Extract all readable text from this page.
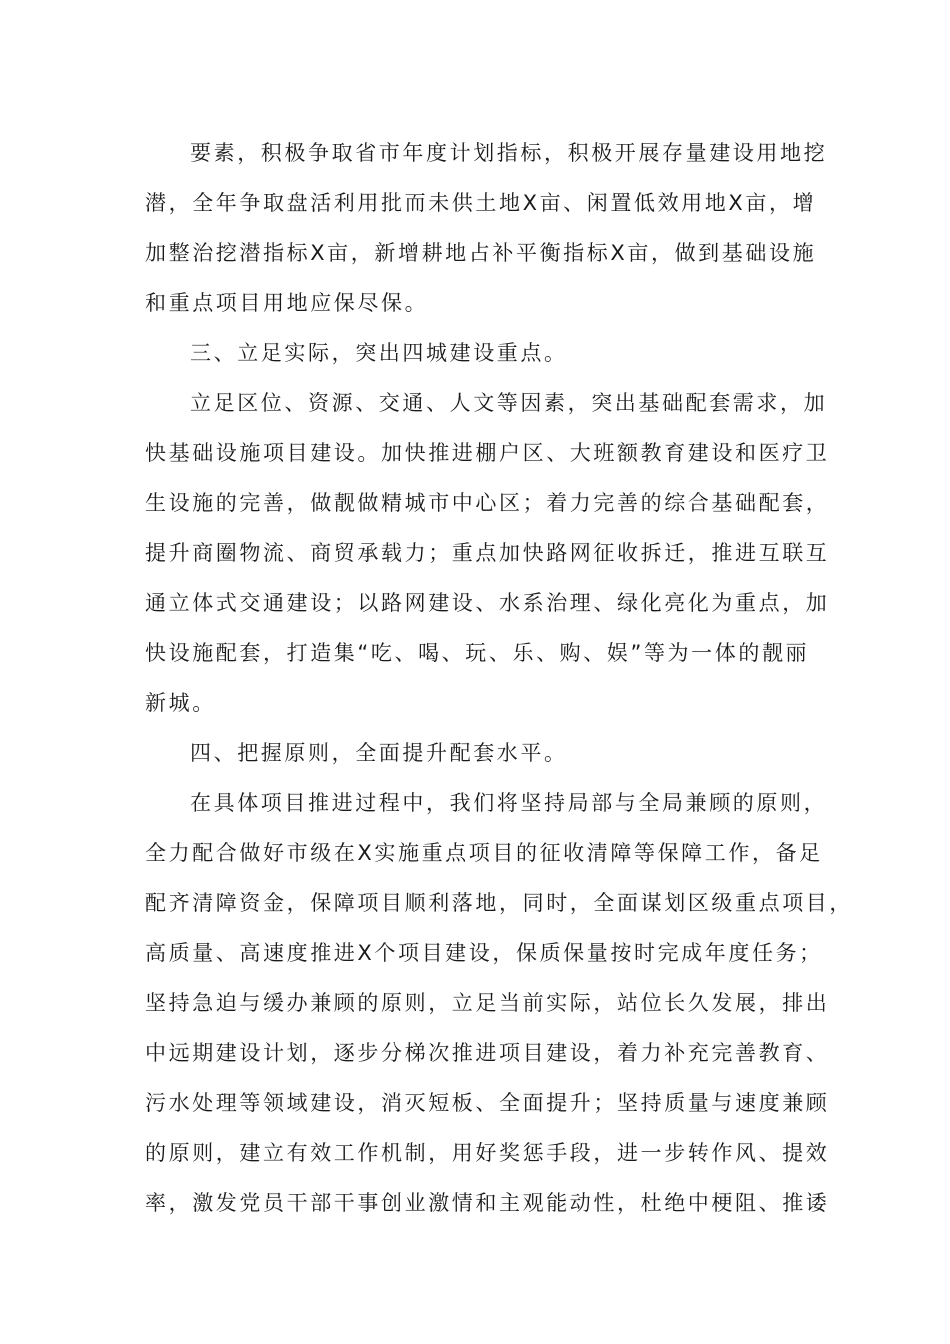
要素，积极争取省市年度计划指标，积极开展存量建设用地挖
潜，全年争取盘活利用批而未供土地X亩、闲置低效用地X亩，增
加整治挖潜指标X亩，新增耕地占补平衡指标X亩，做到基础设施
和重点项目用地应保尽保。
三、立足实际，突出四城建设重点。
立足区位、资源、交通、人文等因素，突出基础配套需求，加
快基础设施项目建设。加快推进棚户区、大班额教育建设和医疗卫
生设施的完善，做靓做精城市中心区；着力完善的综合基础配套，
提升商圈物流、商贸承载力；重点加快路网征收拆迁，推进互联互
通立体式交通建设；以路网建设、水系治理、绿化亮化为重点，加
快设施配套，打造集“吃、喝、玩、乐、购、娱”等为一体的靓丽
新城。
四、把握原则，全面提升配套水平。
在具体项目推进过程中，我们将坚持局部与全局兼顾的原则，
全力配合做好市级在X实施重点项目的征收清障等保障工作，备足
配齐清障资金，保障项目顺利落地，同时，全面谋划区级重点项目，
高质量、高速度推进X个项目建设，保质保量按时完成年度任务；
坚持急迫与缓办兼顾的原则，立足当前实际，站位长久发展，排出
中远期建设计划，逐步分梯次推进项目建设，着力补充完善教育、
污水处理等领域建设，消灭短板、全面提升；坚持质量与速度兼顾
的原则，建立有效工作机制，用好奖惩手段，进一步转作风、提效
率，激发党员干部干事创业激情和主观能动性，杜绝中梗阻、推诿
